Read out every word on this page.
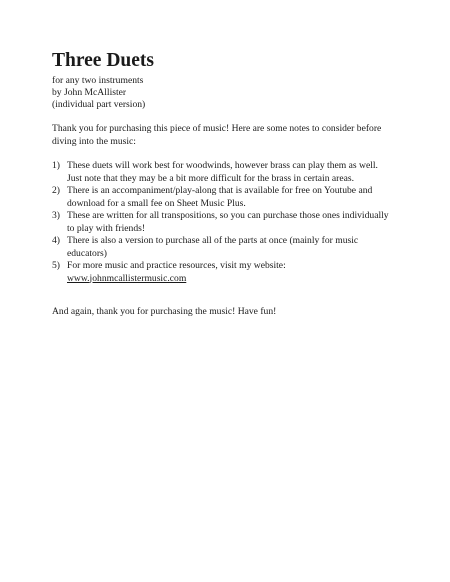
Three Duets
for any two instruments
by John McAllister
(individual part version)

Thank you for purchasing this piece of music! Here are some notes to consider before diving into the music:

1) These duets will work best for woodwinds, however brass can play them as well. Just note that they may be a bit more difficult for the brass in certain areas.
2) There is an accompaniment/play-along that is available for free on Youtube and download for a small fee on Sheet Music Plus.
3) These are written for all transpositions, so you can purchase those ones individually to play with friends!
4) There is also a version to purchase all of the parts at once (mainly for music educators)
5) For more music and practice resources, visit my website:
www.johnmcallistermusic.com

And again, thank you for purchasing the music! Have fun!
